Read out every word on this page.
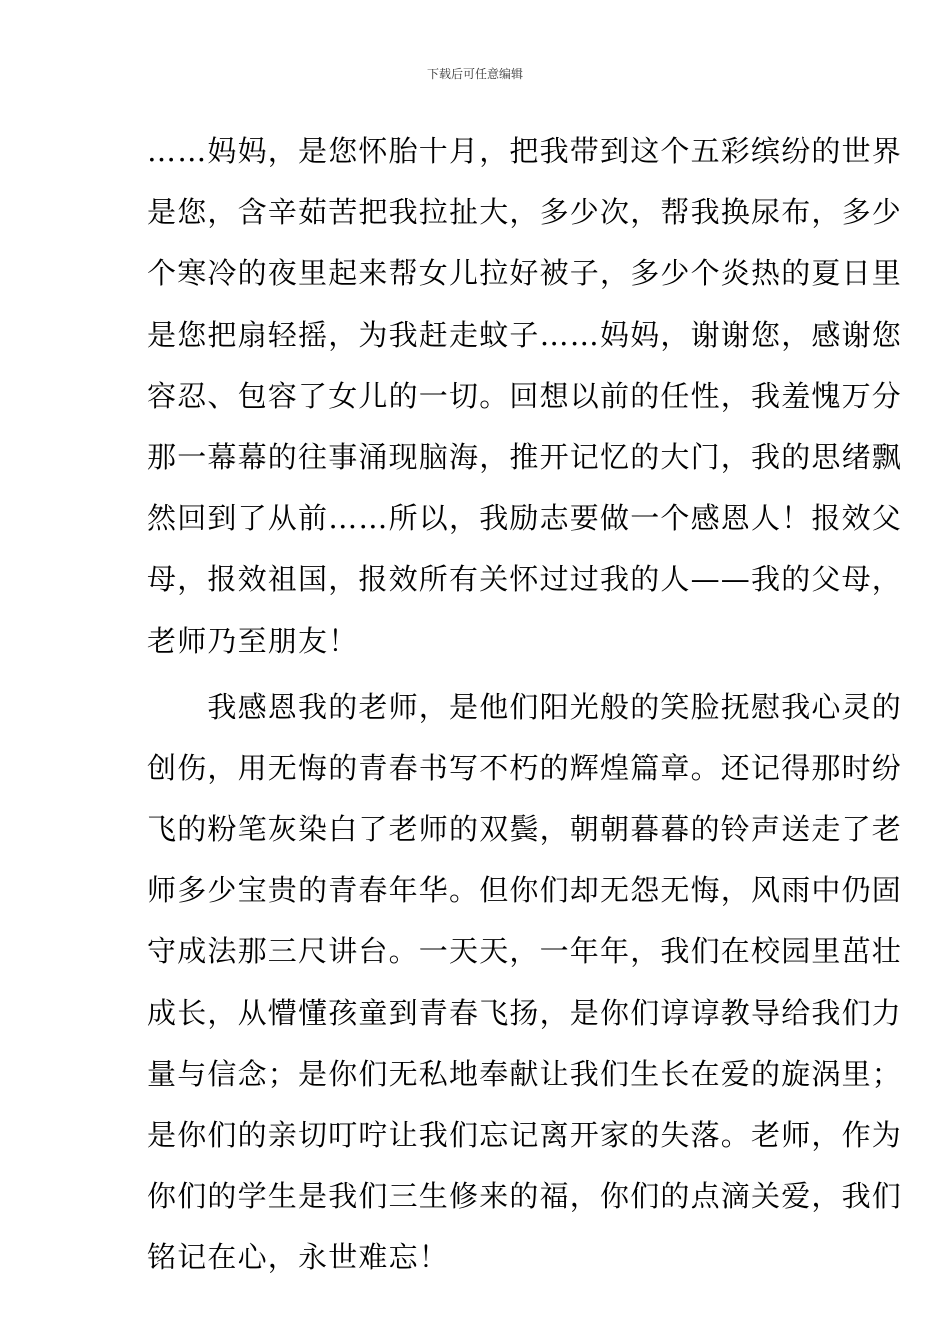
下载后可任意编辑
……妈妈，是您怀胎十月，把我带到这个五彩缤纷的世界
是您，含辛茹苦把我拉扯大，多少次，帮我换尿布，多少
个寒冷的夜里起来帮女儿拉好被子，多少个炎热的夏日里
是您把扇轻摇，为我赶走蚊子……妈妈，谢谢您，感谢您
容忍、包容了女儿的一切。回想以前的任性，我羞愧万分
那一幕幕的往事涌现脑海，推开记忆的大门，我的思绪飘
然回到了从前……所以，我励志要做一个感恩人！报效父
母，报效祖国，报效所有关怀过过我的人——我的父母，
老师乃至朋友！
　　我感恩我的老师，是他们阳光般的笑脸抚慰我心灵的
创伤，用无悔的青春书写不朽的辉煌篇章。还记得那时纷
飞的粉笔灰染白了老师的双鬓，朝朝暮暮的铃声送走了老
师多少宝贵的青春年华。但你们却无怨无悔，风雨中仍固
守成法那三尺讲台。一天天，一年年，我们在校园里茁壮
成长，从懵懂孩童到青春飞扬，是你们谆谆教导给我们力
量与信念；是你们无私地奉献让我们生长在爱的旋涡里；
是你们的亲切叮咛让我们忘记离开家的失落。老师，作为
你们的学生是我们三生修来的福，你们的点滴关爱，我们
铭记在心，永世难忘！
